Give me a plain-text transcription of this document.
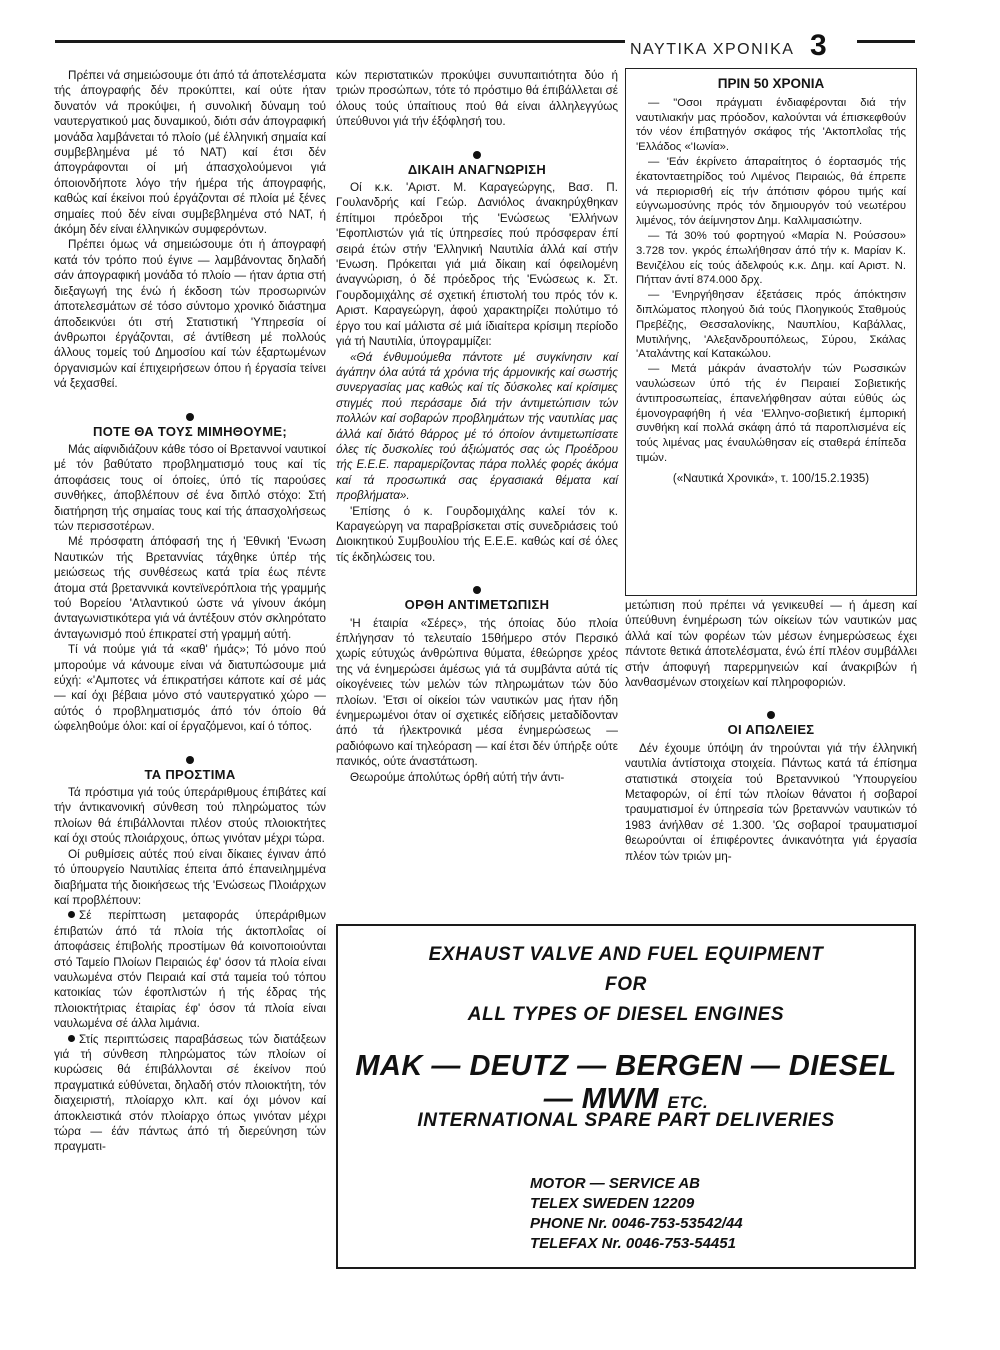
ΝΑΥΤΙΚΑ ΧΡΟΝΙΚΑ 3

Πρέπει νά σημειώσουμε ότι άπό τά άποτελέσματα τής άπογραφής δέν προκύπτει, καί ούτε ήταν δυνατόν νά προκύψει, ή συνολική δύναμη τού ναυτεργατικού μας δυναμικού, διότι σάν άπογραφική μονάδα λαμβάνεται τό πλοίο (μέ έλληνική σημαία καί συμβεβλημένα μέ τό ΝΑΤ) καί έτσι δέν άπογράφονται οί μή άπασχολούμενοι γιά όποιονδήποτε λόγο τήν ήμέρα τής άπογραφής, καθώς καί έκείνοι πού έργάζονται σέ πλοία μέ ξένες σημαίες πού δέν είναι συμβεβλημένα στό ΝΑΤ, ή άκόμη δέν είναι έλληνικών συμφερόντων.

Πρέπει όμως νά σημειώσουμε ότι ή άπογραφή κατά τόν τρόπο πού έγινε — λαμβάνοντας δηλαδή σάν άπογραφική μονάδα τό πλοίο — ήταν άρτια στή διεξαγωγή της ένώ ή έκδοση τών προσωρινών άποτελεσμάτων σέ τόσο σύντομο χρονικό διάστημα άποδεικνύει ότι στή Στατιστική 'Υπηρεσία οί άνθρωποι έργάζονται, σέ άντίθεση μέ πολλούς άλλους τομείς τού Δημοσίου καί τών έξαρτωμένων όργανισμών καί έπιχειρήσεων όπου ή έργασία τείνει νά ξεχασθεί.

ΠΟΤΕ ΘΑ ΤΟΥΣ ΜΙΜΗΘΟΥΜΕ;

Μάς αίφνιδιάζουν κάθε τόσο οί Βρεταννοί ναυτικοί μέ τόν βαθύτατο προβληματισμό τους καί τίς άποφάσεις τους οί όποίες, ύπό τίς παρούσες συνθήκες, άποβλέπουν σέ ένα διπλό στόχο: Στή διατήρηση τής σημαίας τους καί τής άπασχολήσεως τών περισσοτέρων.

Μέ πρόσφατη άπόφασή της ή 'Εθνική 'Ενωση Ναυτικών τής Βρεταννίας τάχθηκε ύπέρ τής μειώσεως τής συνθέσεως κατά τρία έως πέντε άτομα στά βρεταννικά κοντεϊνερόπλοια τής γραμμής τού Βορείου 'Ατλαντικού ώστε νά γίνουν άκόμη άνταγωνιστικότερα γιά νά άντέξουν στόν σκληρότατο άνταγωνισμό πού έπικρατεί στή γραμμή αύτή.

Τί νά πούμε γιά τά «καθ' ήμάς»; Τό μόνο πού μπορούμε νά κάνουμε είναι νά διατυπώσουμε μιά εύχή: «'Αμποτες νά έπικρατήσει κάποτε καί σέ μάς — καί όχι βέβαια μόνο στό ναυτεργατικό χώρο — αύτός ό προβληματισμός άπό τόν όποίο θά ώφεληθούμε όλοι: καί οί έργαζόμενοι, καί ό τόπος.

ΤΑ ΠΡΟΣΤΙΜΑ

Τά πρόστιμα γιά τούς ύπεράριθμους έπιβάτες καί τήν άντικανονική σύνθεση τού πληρώματος τών πλοίων θά έπιβάλλονται πλέον στούς πλοιοκτήτες καί όχι στούς πλοιάρχους, όπως γινόταν μέχρι τώρα.

Οί ρυθμίσεις αύτές πού είναι δίκαιες έγιναν άπό τό ύπουργείο Ναυτιλίας έπειτα άπό έπανειλημμένα διαβήματα τής διοικήσεως τής 'Ενώσεως Πλοιάρχων καί προβλέπουν:

Σέ περίπτωση μεταφοράς ύπεράριθμων έπιβατών άπό τά πλοία τής άκτοπλοΐας οί άποφάσεις έπιβολής προστίμων θά κοινοποιούνται στό Ταμείο Πλοίων Πειραιώς έφ' όσον τά πλοία είναι ναυλωμένα στόν Πειραιά καί στά ταμεία τού τόπου κατοικίας τών έφοπλιστών ή τής έδρας τής πλοιοκτήτριας έταιρίας έφ' όσον τά πλοία είναι ναυλωμένα σέ άλλα λιμάνια.

Στίς περιπτώσεις παραβάσεως τών διατάξεων γιά τή σύνθεση πληρώματος τών πλοίων οί κυρώσεις θά έπιβάλλονται σέ έκείνον πού πραγματικά εύθύνεται, δηλαδή στόν πλοιοκτήτη, τόν διαχειριστή, πλοίαρχο κλπ. καί όχι μόνον καί άποκλειστικά στόν πλοίαρχο όπως γινόταν μέχρι τώρα — έάν πάντως άπό τή διερεύνηση τών πραγματι-

κών περιστατικών προκύψει συνυπαιτιότητα δύο ή τριών προσώπων, τότε τό πρόστιμο θά έπιβάλλεται σέ όλους τούς ύπαίτιους πού θά είναι άλληλεγγύως ύπεύθυνοι γιά τήν έξόφλησή του.

ΔΙΚΑΙΗ ΑΝΑΓΝΩΡΙΣΗ

Οί κ.κ. 'Αριστ. Μ. Καραγεώργης, Βασ. Π. Γουλανδρής καί Γεώρ. Δανιόλος άνακηρύχθηκαν έπίτιμοι πρόεδροι τής 'Ενώσεως 'Ελλήνων 'Εφοπλιστών γιά τίς ύπηρεσίες πού πρόσφεραν έπί σειρά έτών στήν 'Ελληνική Ναυτιλία άλλά καί στήν 'Ενωση. Πρόκειται γιά μιά δίκαιη καί όφειλομένη άναγνώριση, ό δέ πρόεδρος τής 'Ενώσεως κ. Στ. Γουρδομιχάλης σέ σχετική έπιστολή του πρός τόν κ. Αριστ. Καραγεώργη, άφού χαρακτηρίζει πολύτιμο τό έργο του καί μάλιστα σέ μιά ίδιαίτερα κρίσιμη περίοδο γιά τή Ναυτιλία, ύπογραμμίζει:

«Θά ένθυμούμεθα πάντοτε μέ συγκίνησιν καί άγάπην όλα αύτά τά χρόνια τής άρμονικής καί σωστής συνεργασίας μας καθώς καί τίς δύσκολες καί κρίσιμες στιγμές πού περάσαμε διά τήν άντιμετώπισιν τών πολλών καί σοβαρών προβλημάτων τής ναυτιλίας μας άλλά καί διάτό θάρρος μέ τό όποίον άντιμετωπίσατε όλες τίς δυσκολίες τού άξιώματός σας ώς Προέδρου τής Ε.Ε.Ε. παραμερίζοντας πάρα πολλές φορές άκόμα καί τά προσωπικά σας έργασιακά θέματα καί προβλήματα».

'Επίσης ό κ. Γουρδομιχάλης καλεί τόν κ. Καραγεώργη να παραβρίσκεται στίς συνεδριάσεις τού Διοικητικού Συμβουλίου τής Ε.Ε.Ε. καθώς καί σέ όλες τίς έκδηλώσεις του.

ΟΡΘΗ ΑΝΤΙΜΕΤΩΠΙΣΗ

'Η έταιρία «Σέρες», τής όποίας δύο πλοία έπλήγησαν τό τελευταίο 15θήμερο στόν Περσικό χωρίς εύτυχώς άνθρώπινα θύματα, έθεώρησε χρέος της νά ένημερώσει άμέσως γιά τά συμβάντα αύτά τίς οίκογένειες τών μελών τών πληρωμάτων τών δύο πλοίων. 'Ετσι οί οίκείοι τών ναυτικών μας ήταν ήδη ένημερωμένοι όταν οί σχετικές είδήσεις μεταδίδονταν άπό τά ήλεκτρονικά μέσα ένημερώσεως — ραδιόφωνο καί τηλεόραση — καί έτσι δέν ύπήρξε ούτε πανικός, ούτε άναστάτωση.

Θεωρούμε άπολύτως όρθή αύτή τήν άντι-

ΠΡΙΝ 50 ΧΡΟΝΙΑ

— "Οσοι πράγματι ένδιαφέρονται διά τήν ναυτιλιακήν μας πρόοδον, καλούνται νά έπισκεφθούν τόν νέον έπιβατηγόν σκάφος τής 'Ακτοπλοΐας τής 'Ελλάδος «'Ιωνία».

— 'Εάν έκρίνετο άπαραίτητος ό έορτασμός τής έκατονταετηρίδος τού Λιμένος Πειραιώς, θά έπρεπε νά περιορισθή είς τήν άπότισιν φόρου τιμής καί εύγνωμοσύνης πρός τόν δημιουργόν τού νεωτέρου λιμένος, τόν άείμνηστον Δημ. Καλλιμασιώτην.

— Τά 30% τού φορτηγού «Μαρία Ν. Ρούσσου» 3.728 τον. γκρός έπωλήθησαν άπό τήν κ. Μαρίαν Κ. Βενιζέλου είς τούς άδελφούς κ.κ. Δημ. καί Αριστ. Ν. Πήτταν άντί 874.000 δρχ.

— 'Ενηργήθησαν έξετάσεις πρός άπόκτησιν διπλώματος πλοηγού διά τούς Πλοηγικούς Σταθμούς Πρεβέζης, Θεσσαλονίκης, Ναυπλίου, Καβάλλας, Μυτιλήνης, 'Αλεξανδρουπόλεως, Σύρου, Σκάλας 'Αταλάντης καί Κατακώλου.

— Μετά μάκράν άναστολήν τών Ρωσσικών ναυλώσεων ύπό τής έν Πειραιεί Σοβιετικής άντιπροσωπείας, έπανελήφθησαν αύται εύθύς ώς έμονογραφήθη ή νέα 'Ελληνο-σοβιετική έμπορική συνθήκη καί πολλά σκάφη άπό τά παροπλισμένα είς τούς λιμένας μας έναυλώθησαν είς σταθερά έπίπεδα τιμών.

(«Ναυτικά Χρονικά», τ. 100/15.2.1935)

μετώπιση πού πρέπει νά γενικευθεί — ή άμεση καί ύπεύθυνη ένημέρωση τών οίκείων τών ναυτικών μας άλλά καί τών φορέων τών μέσων ένημερώσεως έχει πάντοτε θετικά άποτελέσματα, ένώ έπί πλέον συμβάλλει στήν άποφυγή παρερμηνειών καί άνακριβών ή λανθασμένων στοιχείων καί πληροφοριών.

ΟΙ ΑΠΩΛΕΙΕΣ

Δέν έχουμε ύπόψη άν τηρούνται γιά τήν έλληνική ναυτιλία άντίστοιχα στοιχεία. Πάντως κατά τά έπίσημα στατιστικά στοιχεία τού Βρεταννικού 'Υπουργείου Μεταφορών, οί έπί τών πλοίων θάνατοι ή σοβαροί τραυματισμοί έν ύπηρεσία τών βρεταννών ναυτικών τό 1983 άνήλθαν σέ 1.300. 'Ως σοβαροί τραυματισμοί θεωρούνται οί έπιφέροντες άνικανότητα γιά έργασία πλέον τών τριών μη-

EXHAUST VALVE AND FUEL EQUIPMENT
FOR
ALL TYPES OF DIESEL ENGINES
MAK — DEUTZ — BERGEN — DIESEL — MWM ETC.
INTERNATIONAL SPARE PART DELIVERIES
MOTOR — SERVICE AB
TELEX SWEDEN 12209
PHONE Nr. 0046-753-53542/44
TELEFAX Nr. 0046-753-54451
